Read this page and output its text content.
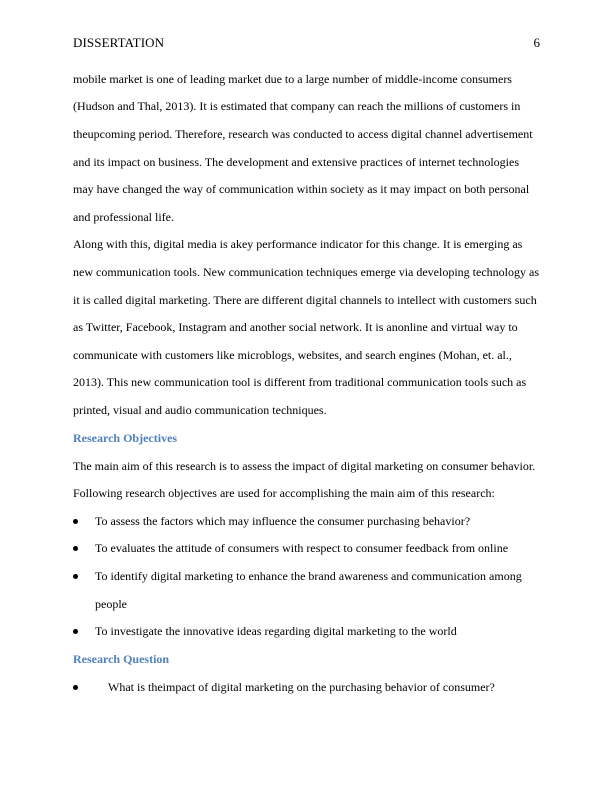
DISSERTATION	6
mobile market is one of leading market due to a large number of middle-income consumers
(Hudson and Thal, 2013). It is estimated that company can reach the millions of customers in
theupcoming period. Therefore, research was conducted to access digital channel advertisement
and its impact on business. The development and extensive practices of internet technologies
may have changed the way of communication within society as it may impact on both personal
and professional life.
Along with this, digital media is akey performance indicator for this change. It is emerging as
new communication tools. New communication techniques emerge via developing technology as
it is called digital marketing. There are different digital channels to intellect with customers such
as Twitter, Facebook, Instagram and another social network. It is anonline and virtual way to
communicate with customers like microblogs, websites, and search engines (Mohan, et. al.,
2013). This new communication tool is different from traditional communication tools such as
printed, visual and audio communication techniques.
Research Objectives
The main aim of this research is to assess the impact of digital marketing on consumer behavior.
Following research objectives are used for accomplishing the main aim of this research:
To assess the factors which may influence the consumer purchasing behavior?
To evaluates the attitude of consumers with respect to consumer feedback from online
To identify digital marketing to enhance the brand awareness and communication among
people
To investigate the innovative ideas regarding digital marketing to the world
Research Question
What is theimpact of digital marketing on the purchasing behavior of consumer?
